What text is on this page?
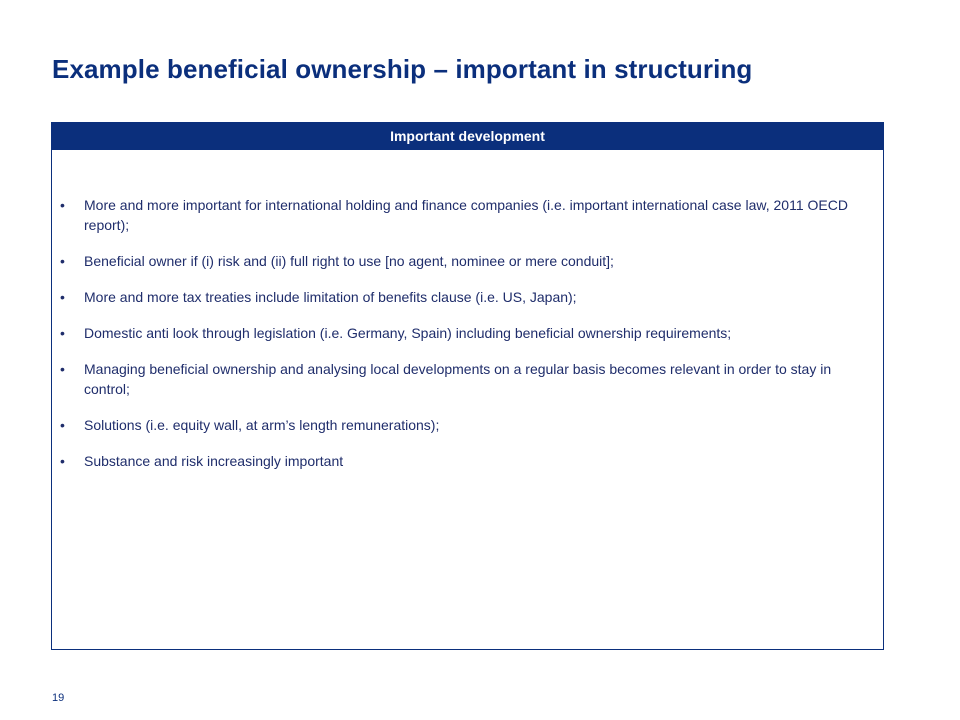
Example beneficial ownership – important in structuring
Important development
• More and more important for international holding and finance companies (i.e. important international case law, 2011 OECD report);
• Beneficial owner if (i) risk and (ii) full right to use [no agent, nominee or mere conduit];
• More and more tax treaties include limitation of benefits clause (i.e. US, Japan);
• Domestic anti look through legislation (i.e. Germany, Spain) including beneficial ownership requirements;
• Managing beneficial ownership and analysing local developments on a regular basis becomes relevant in order to stay in control;
• Solutions (i.e. equity wall, at arm’s length remunerations);
• Substance and risk increasingly important
19
